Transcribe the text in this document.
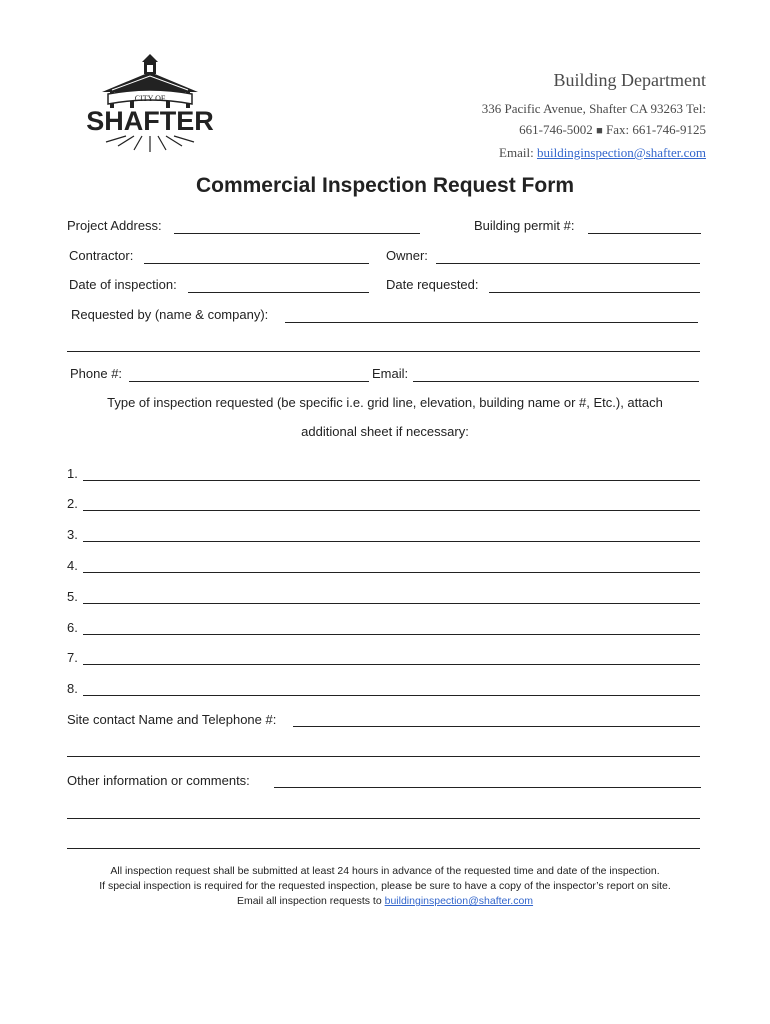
CITY OF
SHAFTER
Building Department
336 Pacific Avenue, Shafter CA 93263 Tel:
661-746-5002 ■ Fax: 661-746-9125
Email: buildinginspection@shafter.com
Commercial Inspection Request Form
Project Address:	Building permit #:
Contractor:	Owner:
Date of inspection:	Date requested:
Requested by (name & company):
Phone #:	Email:
Type of inspection requested (be specific i.e. grid line, elevation, building name or #, Etc.), attach
additional sheet if necessary:
1.
2.
3.
4.
5.
6.
7.
8.
Site contact Name and Telephone #:
Other information or comments:
All inspection request shall be submitted at least 24 hours in advance of the requested time and date of the inspection.
If special inspection is required for the requested inspection, please be sure to have a copy of the inspector’s report on site.
Email all inspection requests to buildinginspection@shafter.com
